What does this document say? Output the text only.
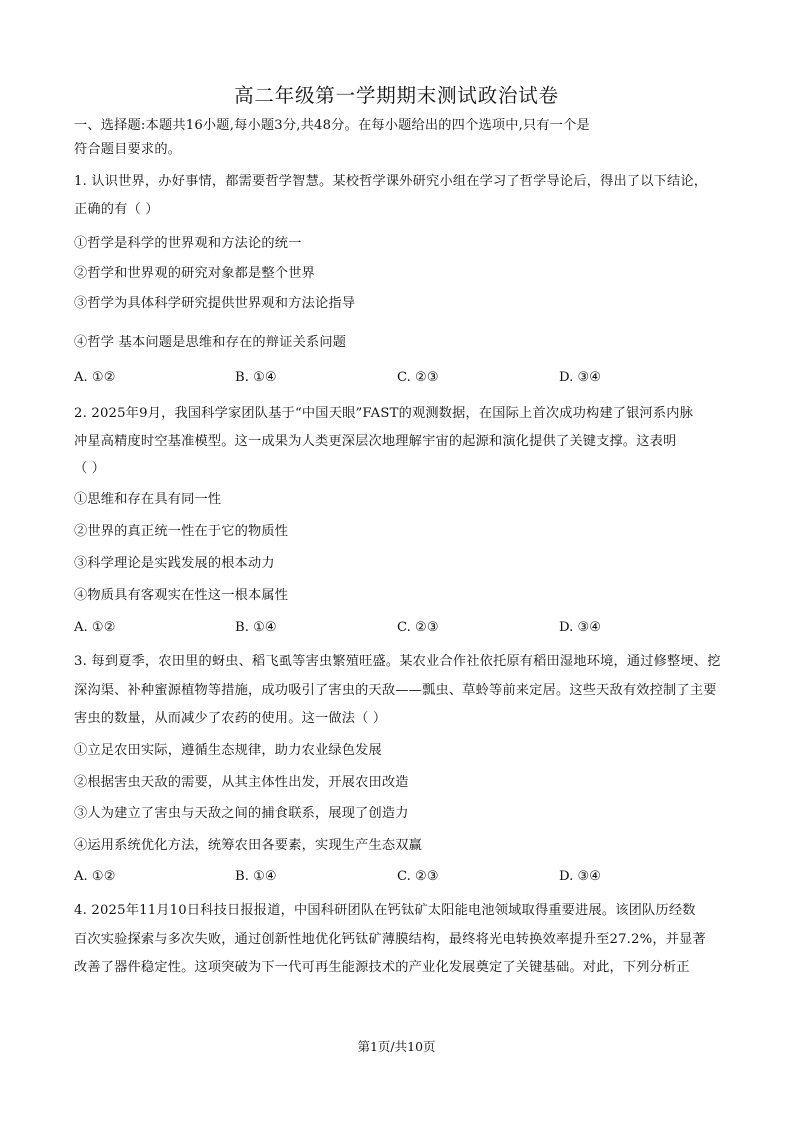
高二年级第一学期期末测试政治试卷
一、选择题:本题共16小题,每小题3分,共48分。在每小题给出的四个选项中,只有一个是
符合题目要求的。
1. 认识世界，办好事情，都需要哲学智慧。某校哲学课外研究小组在学习了哲学导论后，得出了以下结论，
正确的有（ ）
①哲学是科学的世界观和方法论的统一
②哲学和世界观的研究对象都是整个世界
③哲学为具体科学研究提供世界观和方法论指导
④哲学 基本问题是思维和存在的辩证关系问题
A. ①②	B. ①④	C. ②③	D. ③④
2. 2025年9月，我国科学家团队基于“中国天眼”FAST的观测数据，在国际上首次成功构建了银河系内脉
冲星高精度时空基准模型。这一成果为人类更深层次地理解宇宙的起源和演化提供了关键支撑。这表明
（ ）
①思维和存在具有同一性
②世界的真正统一性在于它的物质性
③科学理论是实践发展的根本动力
④物质具有客观实在性这一根本属性
A. ①②	B. ①④	C. ②③	D. ③④
3. 每到夏季，农田里的蚜虫、稻飞虱等害虫繁殖旺盛。某农业合作社依托原有稻田湿地环境，通过修整埂、挖
深沟渠、补种蜜源植物等措施，成功吸引了害虫的天敌——瓢虫、草蛉等前来定居。这些天敌有效控制了主要
害虫的数量，从而减少了农药的使用。这一做法（ ）
①立足农田实际，遵循生态规律，助力农业绿色发展
②根据害虫天敌的需要，从其主体性出发，开展农田改造
③人为建立了害虫与天敌之间的捕食联系，展现了创造力
④运用系统优化方法，统筹农田各要素，实现生产生态双赢
A. ①②	B. ①④	C. ②③	D. ③④
4. 2025年11月10日科技日报报道，中国科研团队在钙钛矿太阳能电池领域取得重要进展。该团队历经数
百次实验探索与多次失败，通过创新性地优化钙钛矿薄膜结构，最终将光电转换效率提升至27.2%，并显著
改善了器件稳定性。这项突破为下一代可再生能源技术的产业化发展奠定了关键基础。对此，下列分析正
第1页/共10页
